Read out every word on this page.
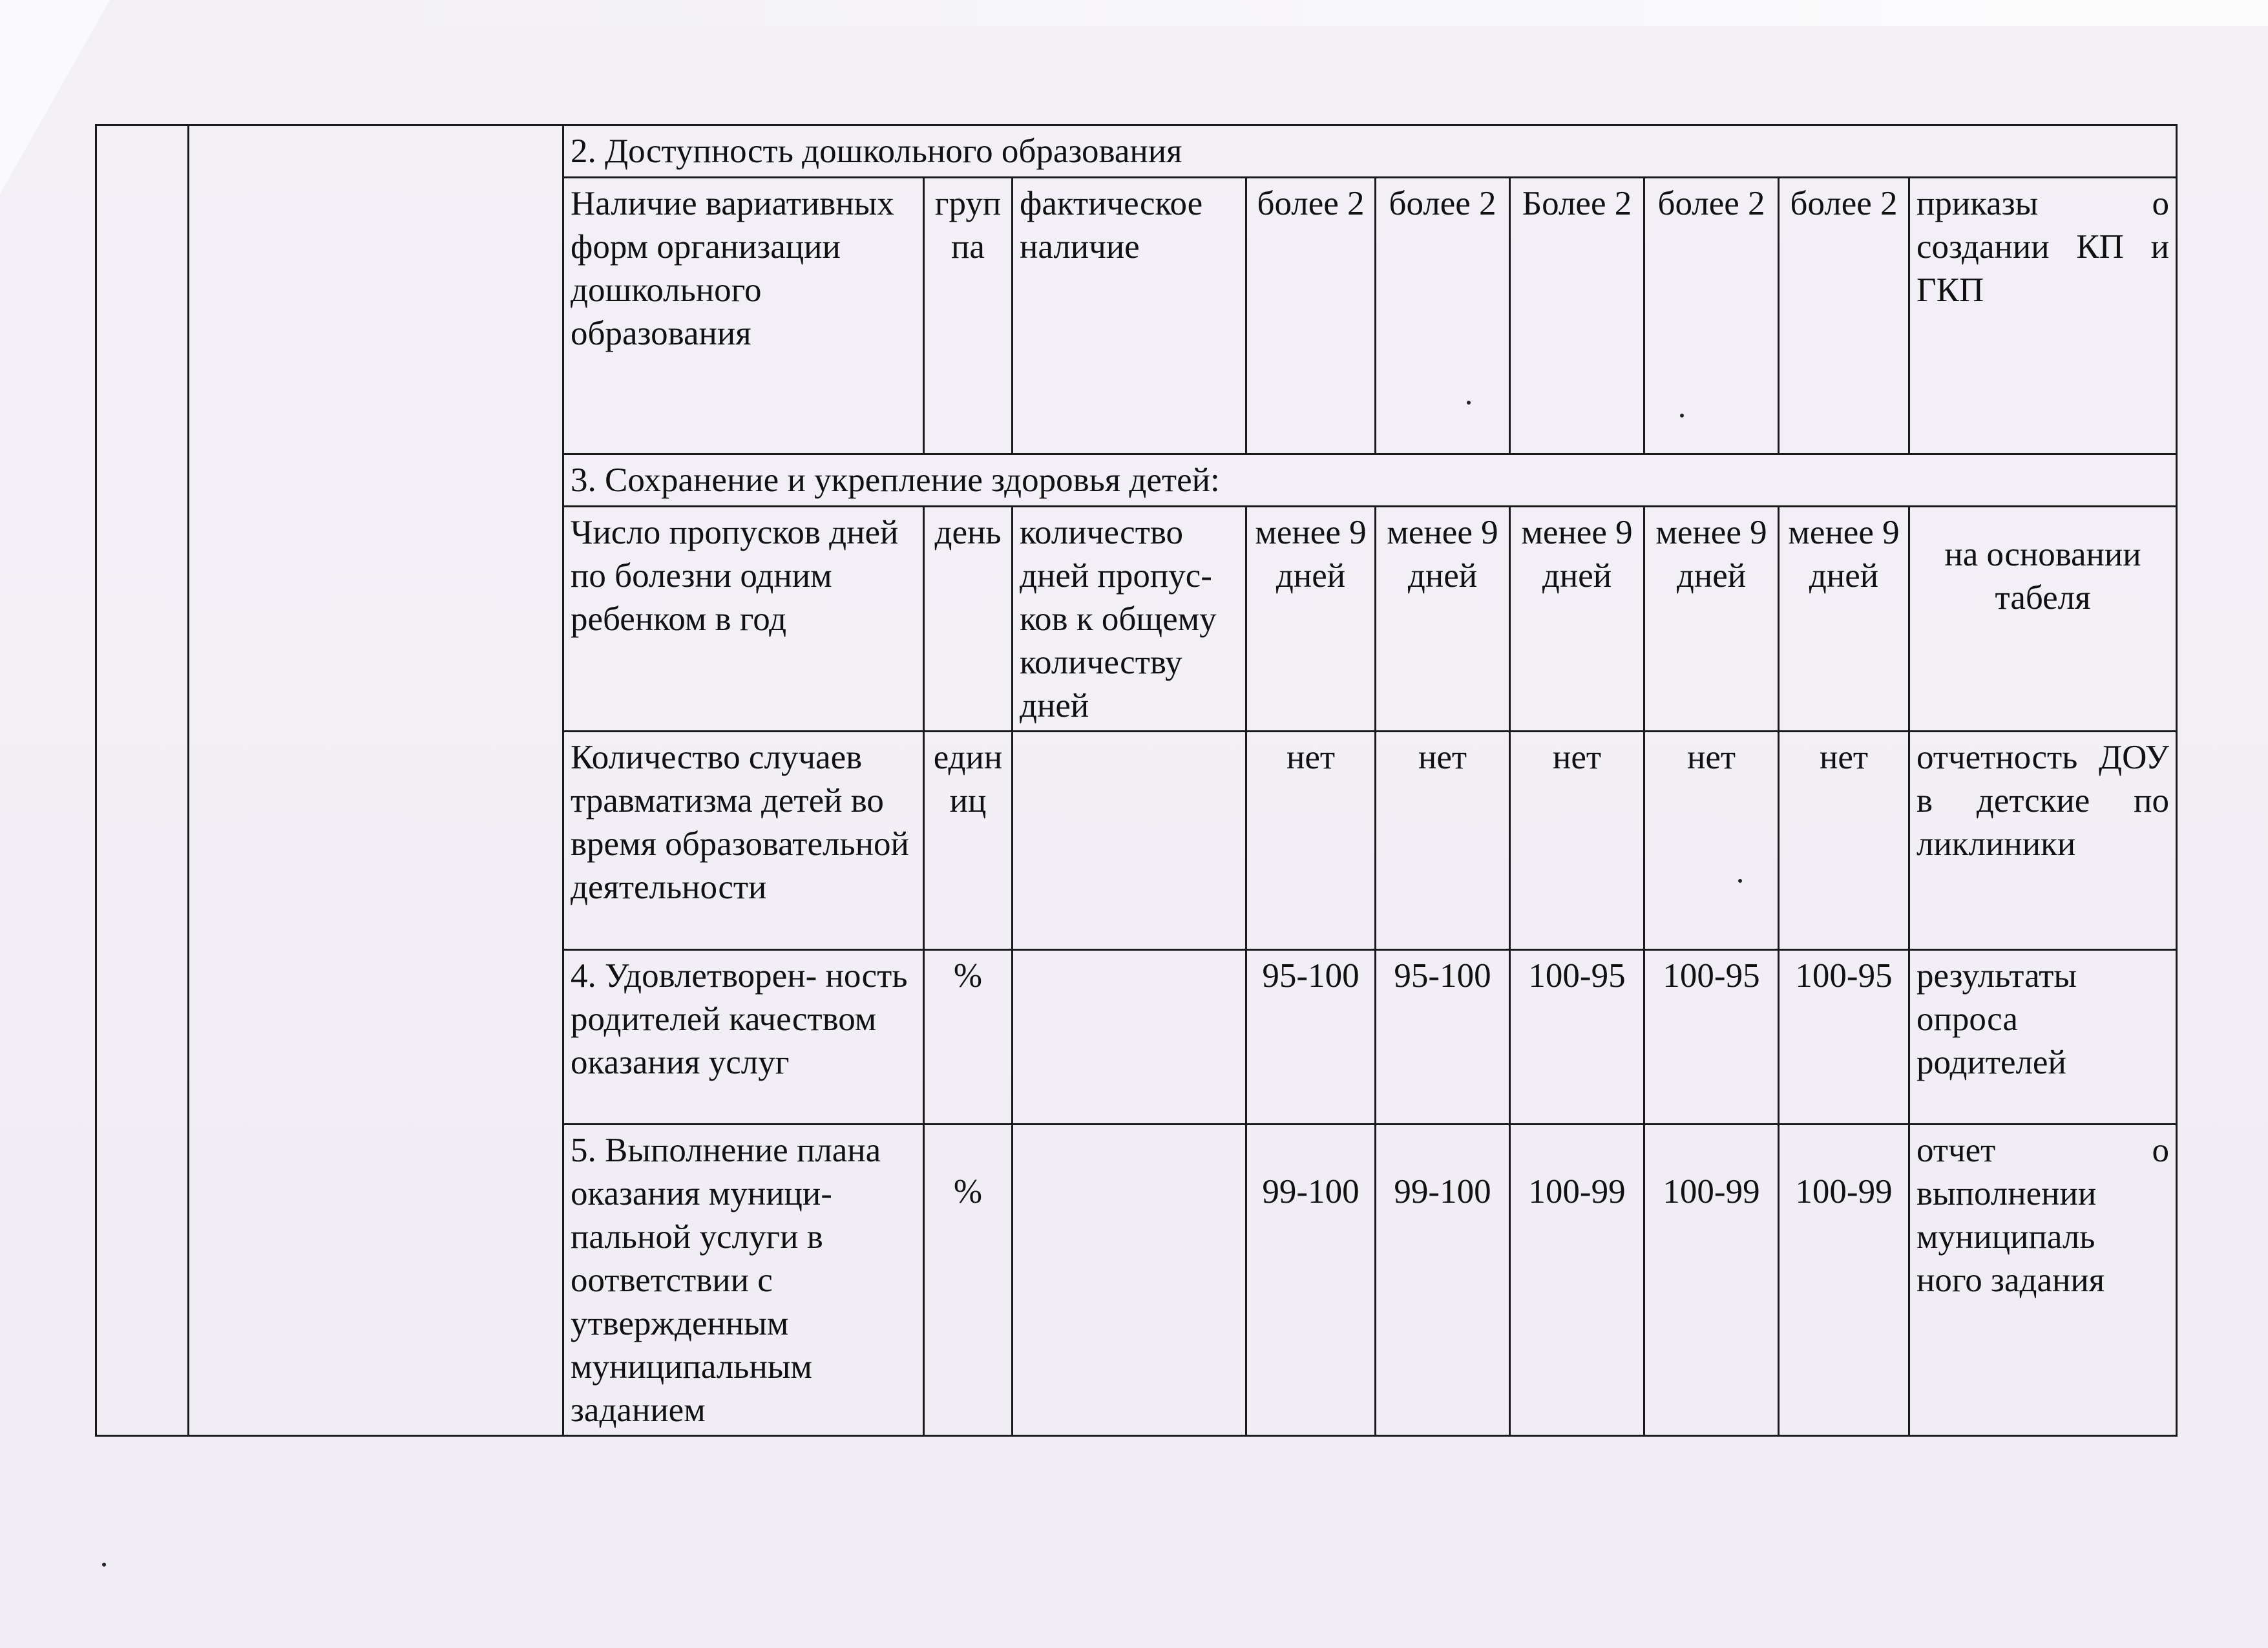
		2. Доступность дошкольного образования								
		Наличие вариативных форм организации дошкольного образования	груп па	фактическое наличие	более 2	более 2	Более 2	более 2	более 2	приказы о создании КП и ГКП
		3. Сохранение и укрепление здоровья детей:								
		Число пропусков дней по болезни одним ребенком в год	день	количество дней пропус- ков к общему количеству дней	менее 9 дней	менее 9 дней	менее 9 дней	менее 9 дней	менее 9 дней	на основании табеля
		Количество случаев травматизма детей во время образовательной деятельности	един иц		нет	нет	нет	нет	нет	отчетность ДОУ в детские по ликлиники
		4. Удовлетворен- ность родителей качеством оказания услуг	%		95-100	95-100	100-95	100-95	100-95	результаты опроса родителей
		5. Выполнение плана оказания муници- пальной услуги в оответствии с утвержденным муниципальным заданием	%		99-100	99-100	100-99	100-99	100-99	отчет о выполнении муниципаль ного задания
